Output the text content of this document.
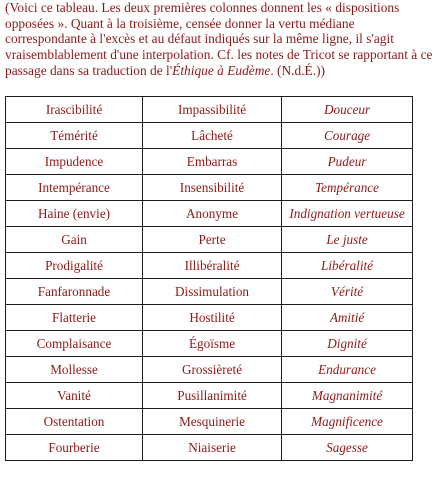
(Voici ce tableau. Les deux premières colonnes donnent les « dispositions
opposées ». Quant à la troisième, censée donner la vertu médiane
correspondante à l'excès et au défaut indiqués sur la même ligne, il s'agit
vraisemblablement d'une interpolation. Cf. les notes de Tricot se rapportant à ce
passage dans sa traduction de l'Éthique à Eudème. (N.d.É.))
Irascibilité	Impassibilité	Douceur
Témérité	Lâcheté	Courage
Impudence	Embarras	Pudeur
Intempérance	Insensibilité	Tempérance
Haine (envie)	Anonyme	Indignation vertueuse
Gain	Perte	Le juste
Prodigalité	Illibéralité	Libéralité
Fanfaronnade	Dissimulation	Vérité
Flatterie	Hostilité	Amitié
Complaisance	Égoïsme	Dignité
Mollesse	Grossièreté	Endurance
Vanité	Pusillanimité	Magnanimité
Ostentation	Mesquinerie	Magnificence
Fourberie	Niaiserie	Sagesse
